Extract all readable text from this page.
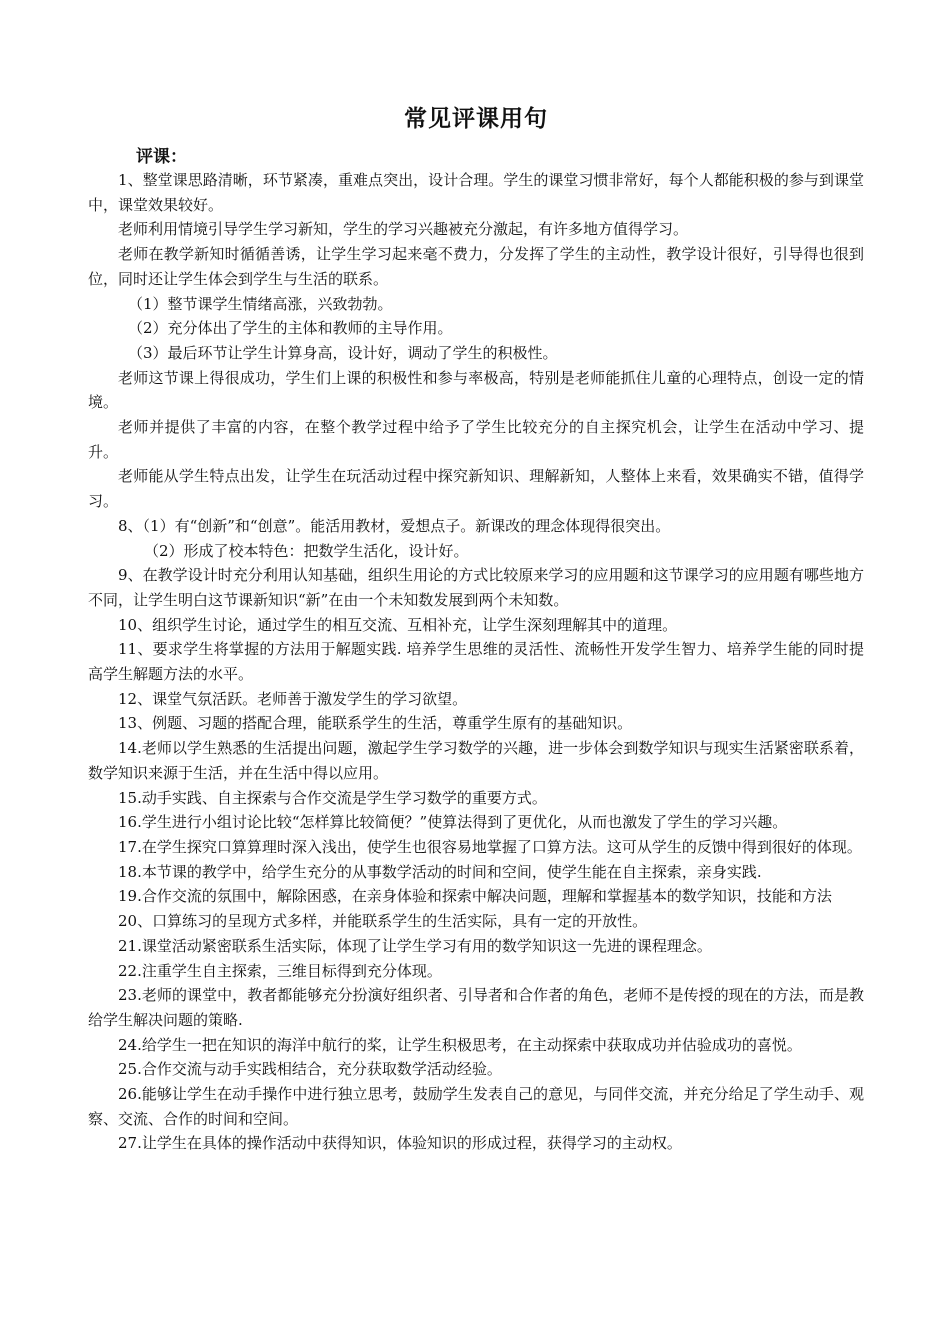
常见评课用句
评课：

1、整堂课思路清晰，环节紧凑，重难点突出，设计合理。学生的课堂习惯非常好，每个人都能积极的参与到课堂中，课堂效果较好。

老师利用情境引导学生学习新知，学生的学习兴趣被充分激起，有许多地方值得学习。

老师在教学新知时循循善诱，让学生学习起来毫不费力，分发挥了学生的主动性，教学设计很好，引导得也很到位，同时还让学生体会到学生与生活的联系。

（1）整节课学生情绪高涨，兴致勃勃。

（2）充分体出了学生的主体和教师的主导作用。

（3）最后环节让学生计算身高，设计好，调动了学生的积极性。

老师这节课上得很成功，学生们上课的积极性和参与率极高，特别是老师能抓住儿童的心理特点，创设一定的情境。

老师并提供了丰富的内容，在整个教学过程中给予了学生比较充分的自主探究机会，让学生在活动中学习、提升。

老师能从学生特点出发，让学生在玩活动过程中探究新知识、理解新知，人整体上来看，效果确实不错，值得学习。

8、（1）有“创新”和“创意”。能活用教材，爱想点子。新课改的理念体现得很突出。

（2）形成了校本特色：把数学生活化，设计好。

9、在教学设计时充分利用认知基础，组织生用论的方式比较原来学习的应用题和这节课学习的应用题有哪些地方不同，让学生明白这节课新知识“新”在由一个未知数发展到两个未知数。

10、组织学生讨论，通过学生的相互交流、互相补充，让学生深刻理解其中的道理。

11、要求学生将掌握的方法用于解题实践. 培养学生思维的灵活性、流畅性开发学生智力、培养学生能的同时提高学生解题方法的水平。

12、课堂气氛活跃。老师善于激发学生的学习欲望。

13、例题、习题的搭配合理，能联系学生的生活，尊重学生原有的基础知识。

14.老师以学生熟悉的生活提出问题，激起学生学习数学的兴趣，进一步体会到数学知识与现实生活紧密联系着，数学知识来源于生活，并在生活中得以应用。

15.动手实践、自主探索与合作交流是学生学习数学的重要方式。

16.学生进行小组讨论比较“怎样算比较简便？”使算法得到了更优化，从而也激发了学生的学习兴趣。

17.在学生探究口算算理时深入浅出，使学生也很容易地掌握了口算方法。这可从学生的反馈中得到很好的体现。

18.本节课的教学中，给学生充分的从事数学活动的时间和空间，使学生能在自主探索，亲身实践.

19.合作交流的氛围中，解除困惑，在亲身体验和探索中解决问题，理解和掌握基本的数学知识，技能和方法

20、口算练习的呈现方式多样，并能联系学生的生活实际，具有一定的开放性。

21.课堂活动紧密联系生活实际，体现了让学生学习有用的数学知识这一先进的课程理念。

22.注重学生自主探索，三维目标得到充分体现。

23.老师的课堂中，教者都能够充分扮演好组织者、引导者和合作者的角色，老师不是传授的现在的方法，而是教给学生解决问题的策略.

24.给学生一把在知识的海洋中航行的桨，让学生积极思考，在主动探索中获取成功并估验成功的喜悦。

25.合作交流与动手实践相结合，充分获取数学活动经验。

26.能够让学生在动手操作中进行独立思考，鼓励学生发表自己的意见，与同伴交流，并充分给足了学生动手、观察、交流、合作的时间和空间。

27.让学生在具体的操作活动中获得知识，体验知识的形成过程，获得学习的主动权。
